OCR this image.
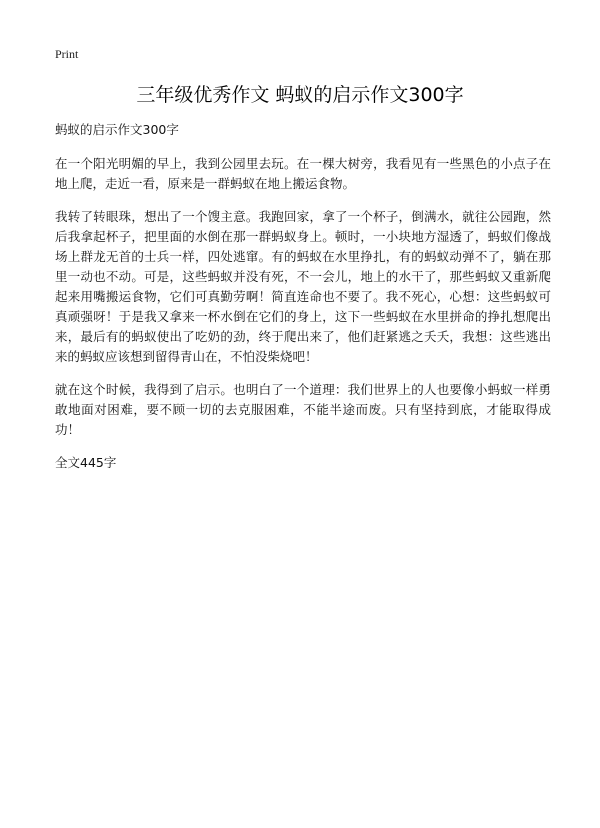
Print
三年级优秀作文 蚂蚁的启示作文300字

蚂蚁的启示作文300字

在一个阳光明媚的早上，我到公园里去玩。在一棵大树旁，我看见有一些黑色的小点子在地上爬，走近一看，原来是一群蚂蚁在地上搬运食物。

我转了转眼珠，想出了一个馊主意。我跑回家，拿了一个杯子，倒满水，就往公园跑，然后我拿起杯子，把里面的水倒在那一群蚂蚁身上。顿时，一小块地方湿透了，蚂蚁们像战场上群龙无首的士兵一样，四处逃窜。有的蚂蚁在水里挣扎，有的蚂蚁动弹不了，躺在那里一动也不动。可是，这些蚂蚁并没有死，不一会儿，地上的水干了，那些蚂蚁又重新爬起来用嘴搬运食物，它们可真勤劳啊！简直连命也不要了。我不死心，心想：这些蚂蚁可真顽强呀！于是我又拿来一杯水倒在它们的身上，这下一些蚂蚁在水里拼命的挣扎想爬出来，最后有的蚂蚁使出了吃奶的劲，终于爬出来了，他们赶紧逃之夭夭，我想：这些逃出来的蚂蚁应该想到留得青山在，不怕没柴烧吧！

就在这个时候，我得到了启示。也明白了一个道理：我们世界上的人也要像小蚂蚁一样勇敢地面对困难，要不顾一切的去克服困难，不能半途而废。只有坚持到底，才能取得成功！

全文445字
